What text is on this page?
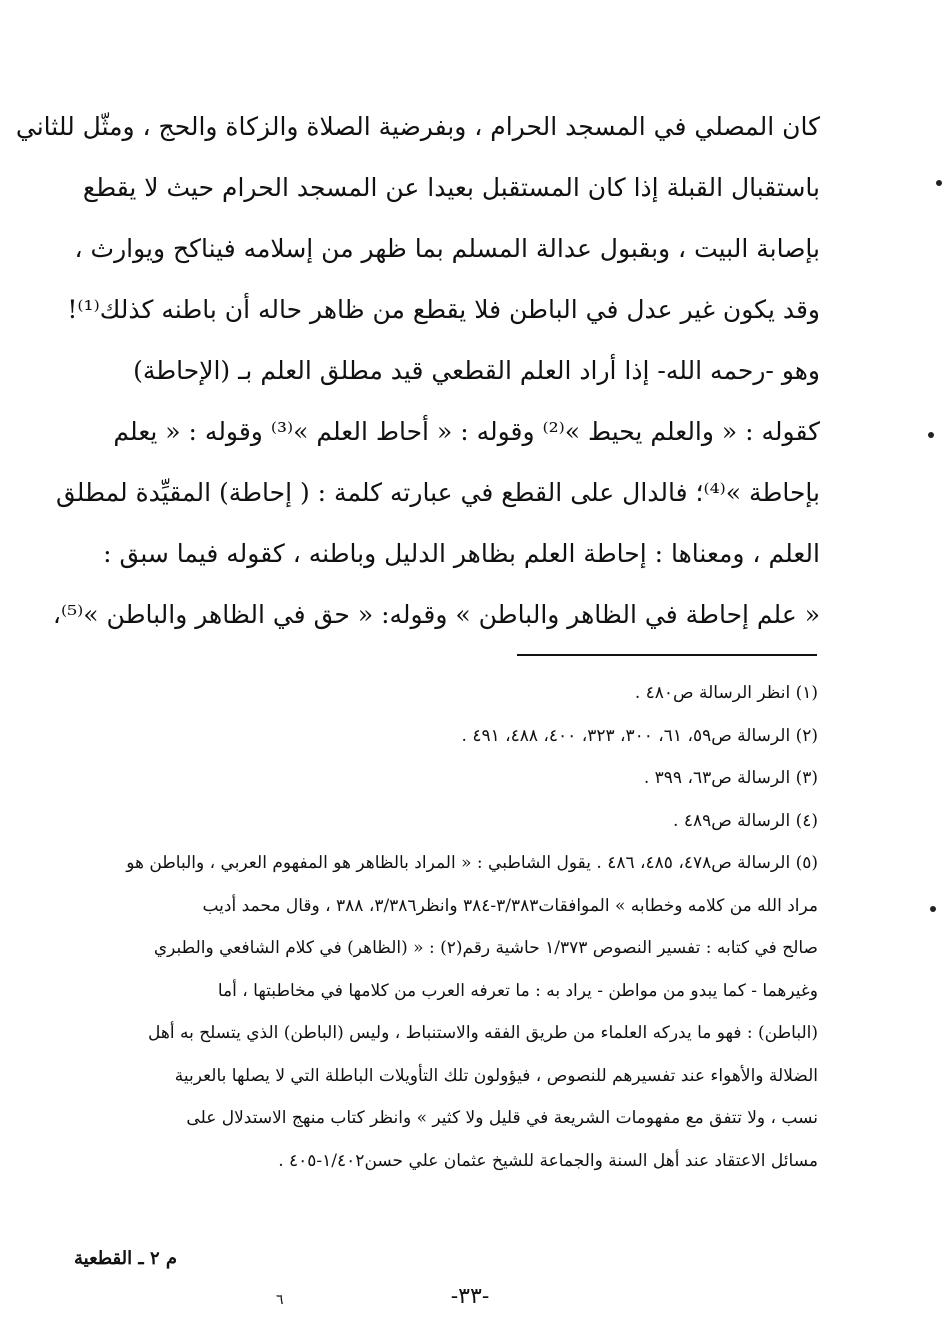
كان المصلي في المسجد الحرام ، وبفرضية الصلاة والزكاة والحج ، ومثّل للثاني
باستقبال القبلة إذا كان المستقبل بعيدا عن المسجد الحرام حيث لا يقطع
بإصابة البيت ، وبقبول عدالة المسلم بما ظهر من إسلامه فيناكح ويوارث ،
وقد يكون غير عدل في الباطن فلا يقطع من ظاهر حاله أن باطنه كذلك⁽¹⁾!
وهو -رحمه الله- إذا أراد العلم القطعي قيد مطلق العلم بـ (الإحاطة)
كقوله : « والعلم يحيط »⁽²⁾ وقوله : « أحاط العلم »⁽³⁾ وقوله : « يعلم
بإحاطة »⁽⁴⁾؛ فالدال على القطع في عبارته كلمة : ( إحاطة) المقيِّدة لمطلق
العلم ، ومعناها : إحاطة العلم بظاهر الدليل وباطنه ، كقوله فيما سبق :
« علم إحاطة في الظاهر والباطن » وقوله: « حق في الظاهر والباطن »⁽⁵⁾،
(١) انظر الرسالة ص٤٨٠ .
(٢) الرسالة ص٥٩، ٦١، ٣٠٠، ٣٢٣، ٤٠٠، ٤٨٨، ٤٩١ .
(٣) الرسالة ص٦٣، ٣٩٩ .
(٤) الرسالة ص٤٨٩ .
(٥) الرسالة ص٤٧٨، ٤٨٥، ٤٨٦ . يقول الشاطبي : « المراد بالظاهر هو المفهوم العربي ، والباطن هو
مراد الله من كلامه وخطابه » الموافقات٣/٣٨٣-٣٨٤ وانظر٣/٣٨٦، ٣٨٨ ، وقال محمد أديب
صالح في كتابه : تفسير النصوص ١/٣٧٣ حاشية رقم(٢) : « (الظاهر) في كلام الشافعي والطبري
وغيرهما - كما يبدو من مواطن - يراد به : ما تعرفه العرب من كلامها في مخاطبتها ، أما
(الباطن) : فهو ما يدركه العلماء من طريق الفقه والاستنباط ، وليس (الباطن) الذي يتسلح به أهل
الضلالة والأهواء عند تفسيرهم للنصوص ، فيؤولون تلك التأويلات الباطلة التي لا يصلها بالعربية
نسب ، ولا تتفق مع مفهومات الشريعة في قليل ولا كثير » وانظر كتاب منهج الاستدلال على
مسائل الاعتقاد عند أهل السنة والجماعة للشيخ عثمان علي حسن١/٤٠٢-٤٠٥ .
م ٢ ـ القطعية
-٣٣-
٦
